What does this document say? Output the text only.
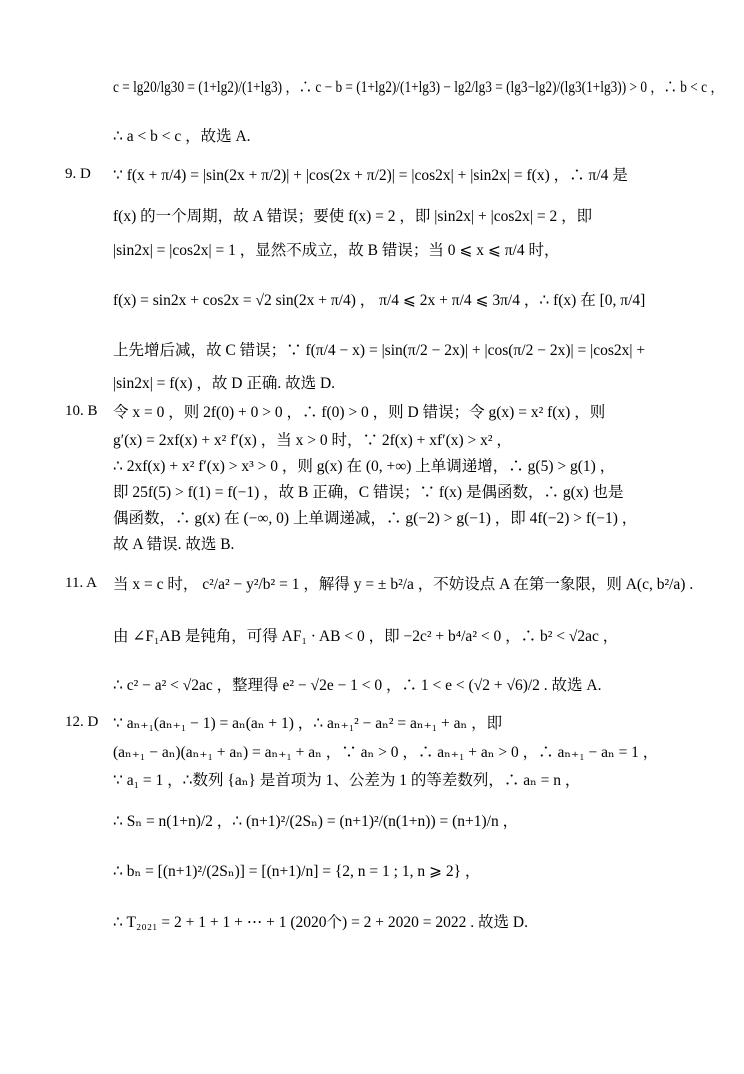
c = lg20/lg30 = (1+lg2)/(1+lg3) ，∴ c − b = (1+lg2)/(1+lg3) − lg2/lg3 = (lg3−lg2)/(lg3(1+lg3)) > 0 ，∴ b < c ，
∴ a < b < c ，故选 A.
9. D ∵ f(x + π/4) = |sin(2x + π/2)| + |cos(2x + π/2)| = |cos2x| + |sin2x| = f(x) ，∴ π/4 是
f(x) 的一个周期，故 A 错误；要使 f(x) = 2 ，即 |sin2x| + |cos2x| = 2 ，即
|sin2x| = |cos2x| = 1 ，显然不成立，故 B 错误；当 0 ⩽ x ⩽ π/4 时，
f(x) = sin2x + cos2x = √2 sin(2x + π/4) ， π/4 ⩽ 2x + π/4 ⩽ 3π/4 ，∴ f(x) 在 [0, π/4]
上先增后减，故 C 错误；∵ f(π/4 − x) = |sin(π/2 − 2x)| + |cos(π/2 − 2x)| = |cos2x| +
|sin2x| = f(x) ，故 D 正确. 故选 D.
10. B 令 x = 0 ，则 2f(0) + 0 > 0 ，∴ f(0) > 0 ，则 D 错误；令 g(x) = x² f(x) ，则
g′(x) = 2xf(x) + x² f′(x) ，当 x > 0 时，∵ 2f(x) + xf′(x) > x² ，
∴ 2xf(x) + x² f′(x) > x³ > 0 ，则 g(x) 在 (0, +∞) 上单调递增，∴ g(5) > g(1) ，
即 25f(5) > f(1) = f(−1) ，故 B 正确，C 错误；∵ f(x) 是偶函数，∴ g(x) 也是
偶函数，∴ g(x) 在 (−∞, 0) 上单调递减，∴ g(−2) > g(−1) ，即 4f(−2) > f(−1) ，
故 A 错误. 故选 B.
11. A 当 x = c 时， c²/a² − y²/b² = 1 ，解得 y = ± b²/a ，不妨设点 A 在第一象限，则 A(c, b²/a) .
由 ∠F₁AB 是钝角，可得 AF₁ · AB < 0 ，即 −2c² + b⁴/a² < 0 ，∴ b² < √2ac ，
∴ c² − a² < √2ac ，整理得 e² − √2e − 1 < 0 ，∴ 1 < e < (√2 + √6)/2 . 故选 A.
12. D ∵ aₙ₊₁(aₙ₊₁ − 1) = aₙ(aₙ + 1) ，∴ aₙ₊₁² − aₙ² = aₙ₊₁ + aₙ ，即
(aₙ₊₁ − aₙ)(aₙ₊₁ + aₙ) = aₙ₊₁ + aₙ ，∵ aₙ > 0 ，∴ aₙ₊₁ + aₙ > 0 ，∴ aₙ₊₁ − aₙ = 1 ，
∵ a₁ = 1 ，∴数列 {aₙ} 是首项为 1、公差为 1 的等差数列，∴ aₙ = n ，
∴ Sₙ = n(1+n)/2 ，∴ (n+1)²/(2Sₙ) = (n+1)²/(n(1+n)) = (n+1)/n ，
∴ bₙ = [(n+1)²/(2Sₙ)] = [(n+1)/n] = {2, n = 1 ; 1, n ⩾ 2} ，
∴ T₂₀₂₁ = 2 + 1 + 1 + ⋯ + 1 (2020个) = 2 + 2020 = 2022 . 故选 D.
